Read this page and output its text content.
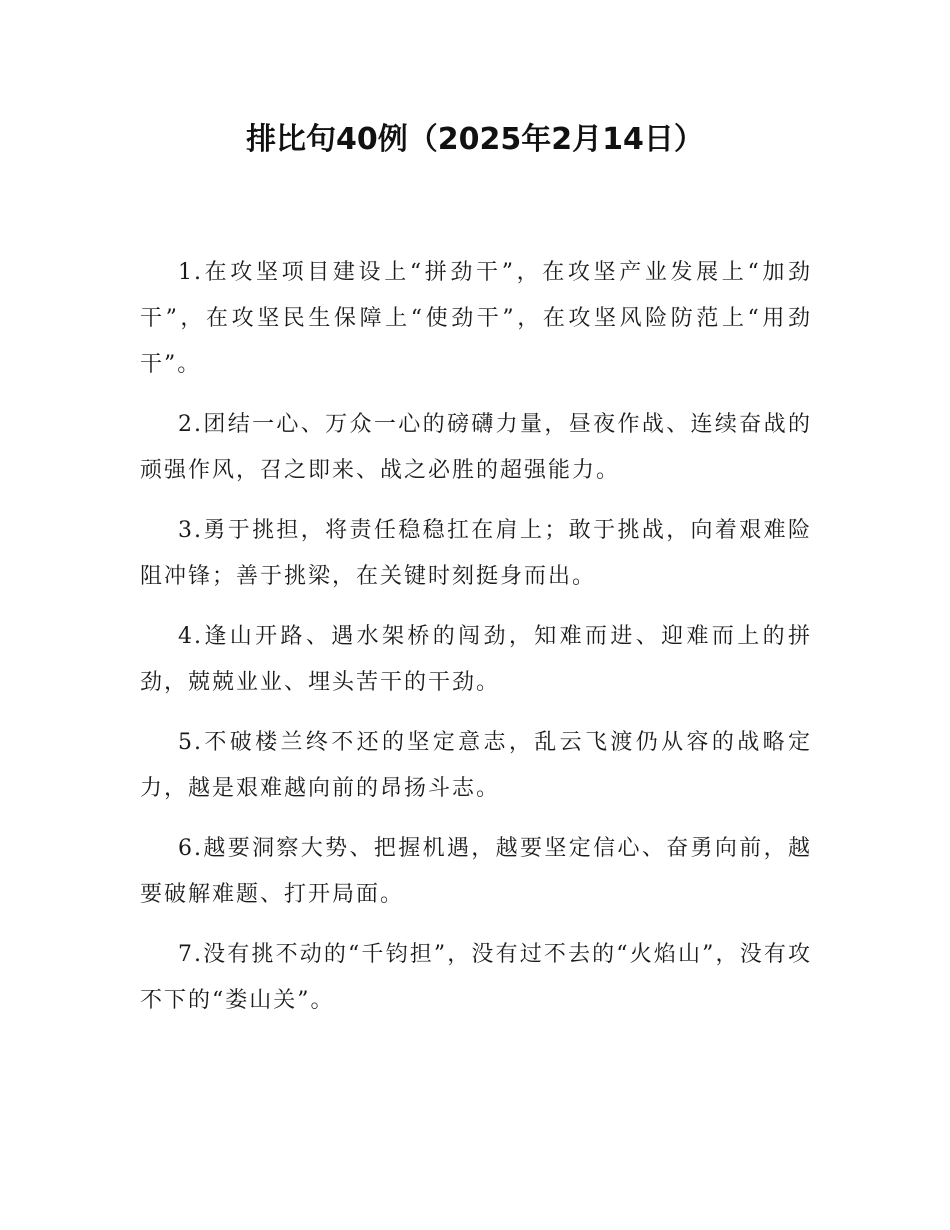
排比句40例（2025年2月14日）

1.在攻坚项目建设上“拼劲干”，在攻坚产业发展上“加劲干”，在攻坚民生保障上“使劲干”，在攻坚风险防范上“用劲干”。

2.团结一心、万众一心的磅礴力量，昼夜作战、连续奋战的顽强作风，召之即来、战之必胜的超强能力。

3.勇于挑担，将责任稳稳扛在肩上；敢于挑战，向着艰难险阻冲锋；善于挑梁，在关键时刻挺身而出。

4.逢山开路、遇水架桥的闯劲，知难而进、迎难而上的拼劲，兢兢业业、埋头苦干的干劲。

5.不破楼兰终不还的坚定意志，乱云飞渡仍从容的战略定力，越是艰难越向前的昂扬斗志。

6.越要洞察大势、把握机遇，越要坚定信心、奋勇向前，越要破解难题、打开局面。

7.没有挑不动的“千钧担”，没有过不去的“火焰山”，没有攻不下的“娄山关”。
